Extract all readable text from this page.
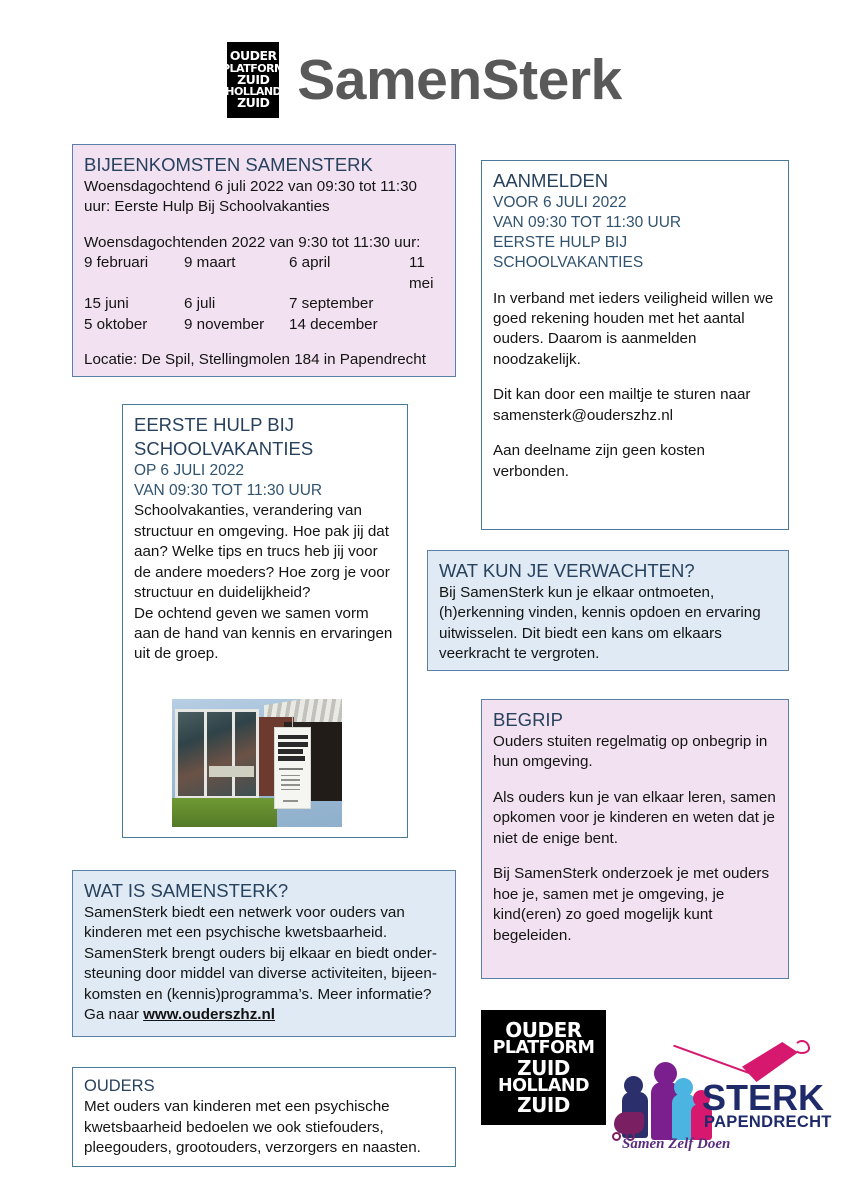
OUDER
PLATFORM
ZUID
HOLLAND
ZUID SamenSterk
BIJEENKOMSTEN SAMENSTERK
Woensdagochtend 6 juli 2022 van 09:30 tot 11:30
uur: Eerste Hulp Bij Schoolvakanties
Woensdagochtenden 2022 van 9:30 tot 11:30 uur:
9 februari	9 maart	6 april	11 mei
15 juni	6 juli	7 september
5 oktober	9 november	14 december
Locatie: De Spil, Stellingmolen 184 in Papendrecht
AANMELDEN
VOOR 6 JULI 2022
VAN 09:30 TOT 11:30 UUR
EERSTE HULP BIJ
SCHOOLVAKANTIES
In verband met ieders veiligheid willen we goed rekening houden met het aantal ouders. Daarom is aanmelden noodzakelijk.
Dit kan door een mailtje te sturen naar
samensterk@ouderszhz.nl
Aan deelname zijn geen kosten verbonden.
EERSTE HULP BIJ
SCHOOLVAKANTIES
OP 6 JULI 2022
VAN 09:30 TOT 11:30 UUR
Schoolvakanties, verandering van structuur en omgeving. Hoe pak jij dat aan? Welke tips en trucs heb jij voor de andere moeders? Hoe zorg je voor structuur en duidelijkheid?
De ochtend geven we samen vorm aan de hand van kennis en ervaringen uit de groep.
WAT KUN JE VERWACHTEN?
Bij SamenSterk kun je elkaar ontmoeten, (h)erkenning vinden, kennis opdoen en ervaring uitwisselen. Dit biedt een kans om elkaars veerkracht te vergroten.
BEGRIP
Ouders stuiten regelmatig op onbegrip in hun omgeving.
Als ouders kun je van elkaar leren, samen opkomen voor je kinderen en weten dat je niet de enige bent.
Bij SamenSterk onderzoek je met ouders hoe je, samen met je omgeving, je kind(eren) zo goed mogelijk kunt begeleiden.
WAT IS SAMENSTERK?
SamenSterk biedt een netwerk voor ouders van kinderen met een psychische kwetsbaarheid. SamenSterk brengt ouders bij elkaar en biedt ondersteuning door middel van diverse activiteiten, bijeenkomsten en (kennis)programma’s. Meer informatie?
Ga naar www.ouderszhz.nl
OUDERS
Met ouders van kinderen met een psychische kwetsbaarheid bedoelen we ook stiefouders, pleegouders, grootouders, verzorgers en naasten.
OUDER
PLATFORM
ZUID
HOLLAND
ZUID	STERK
PAPENDRECHT
Samen Zelf Doen
